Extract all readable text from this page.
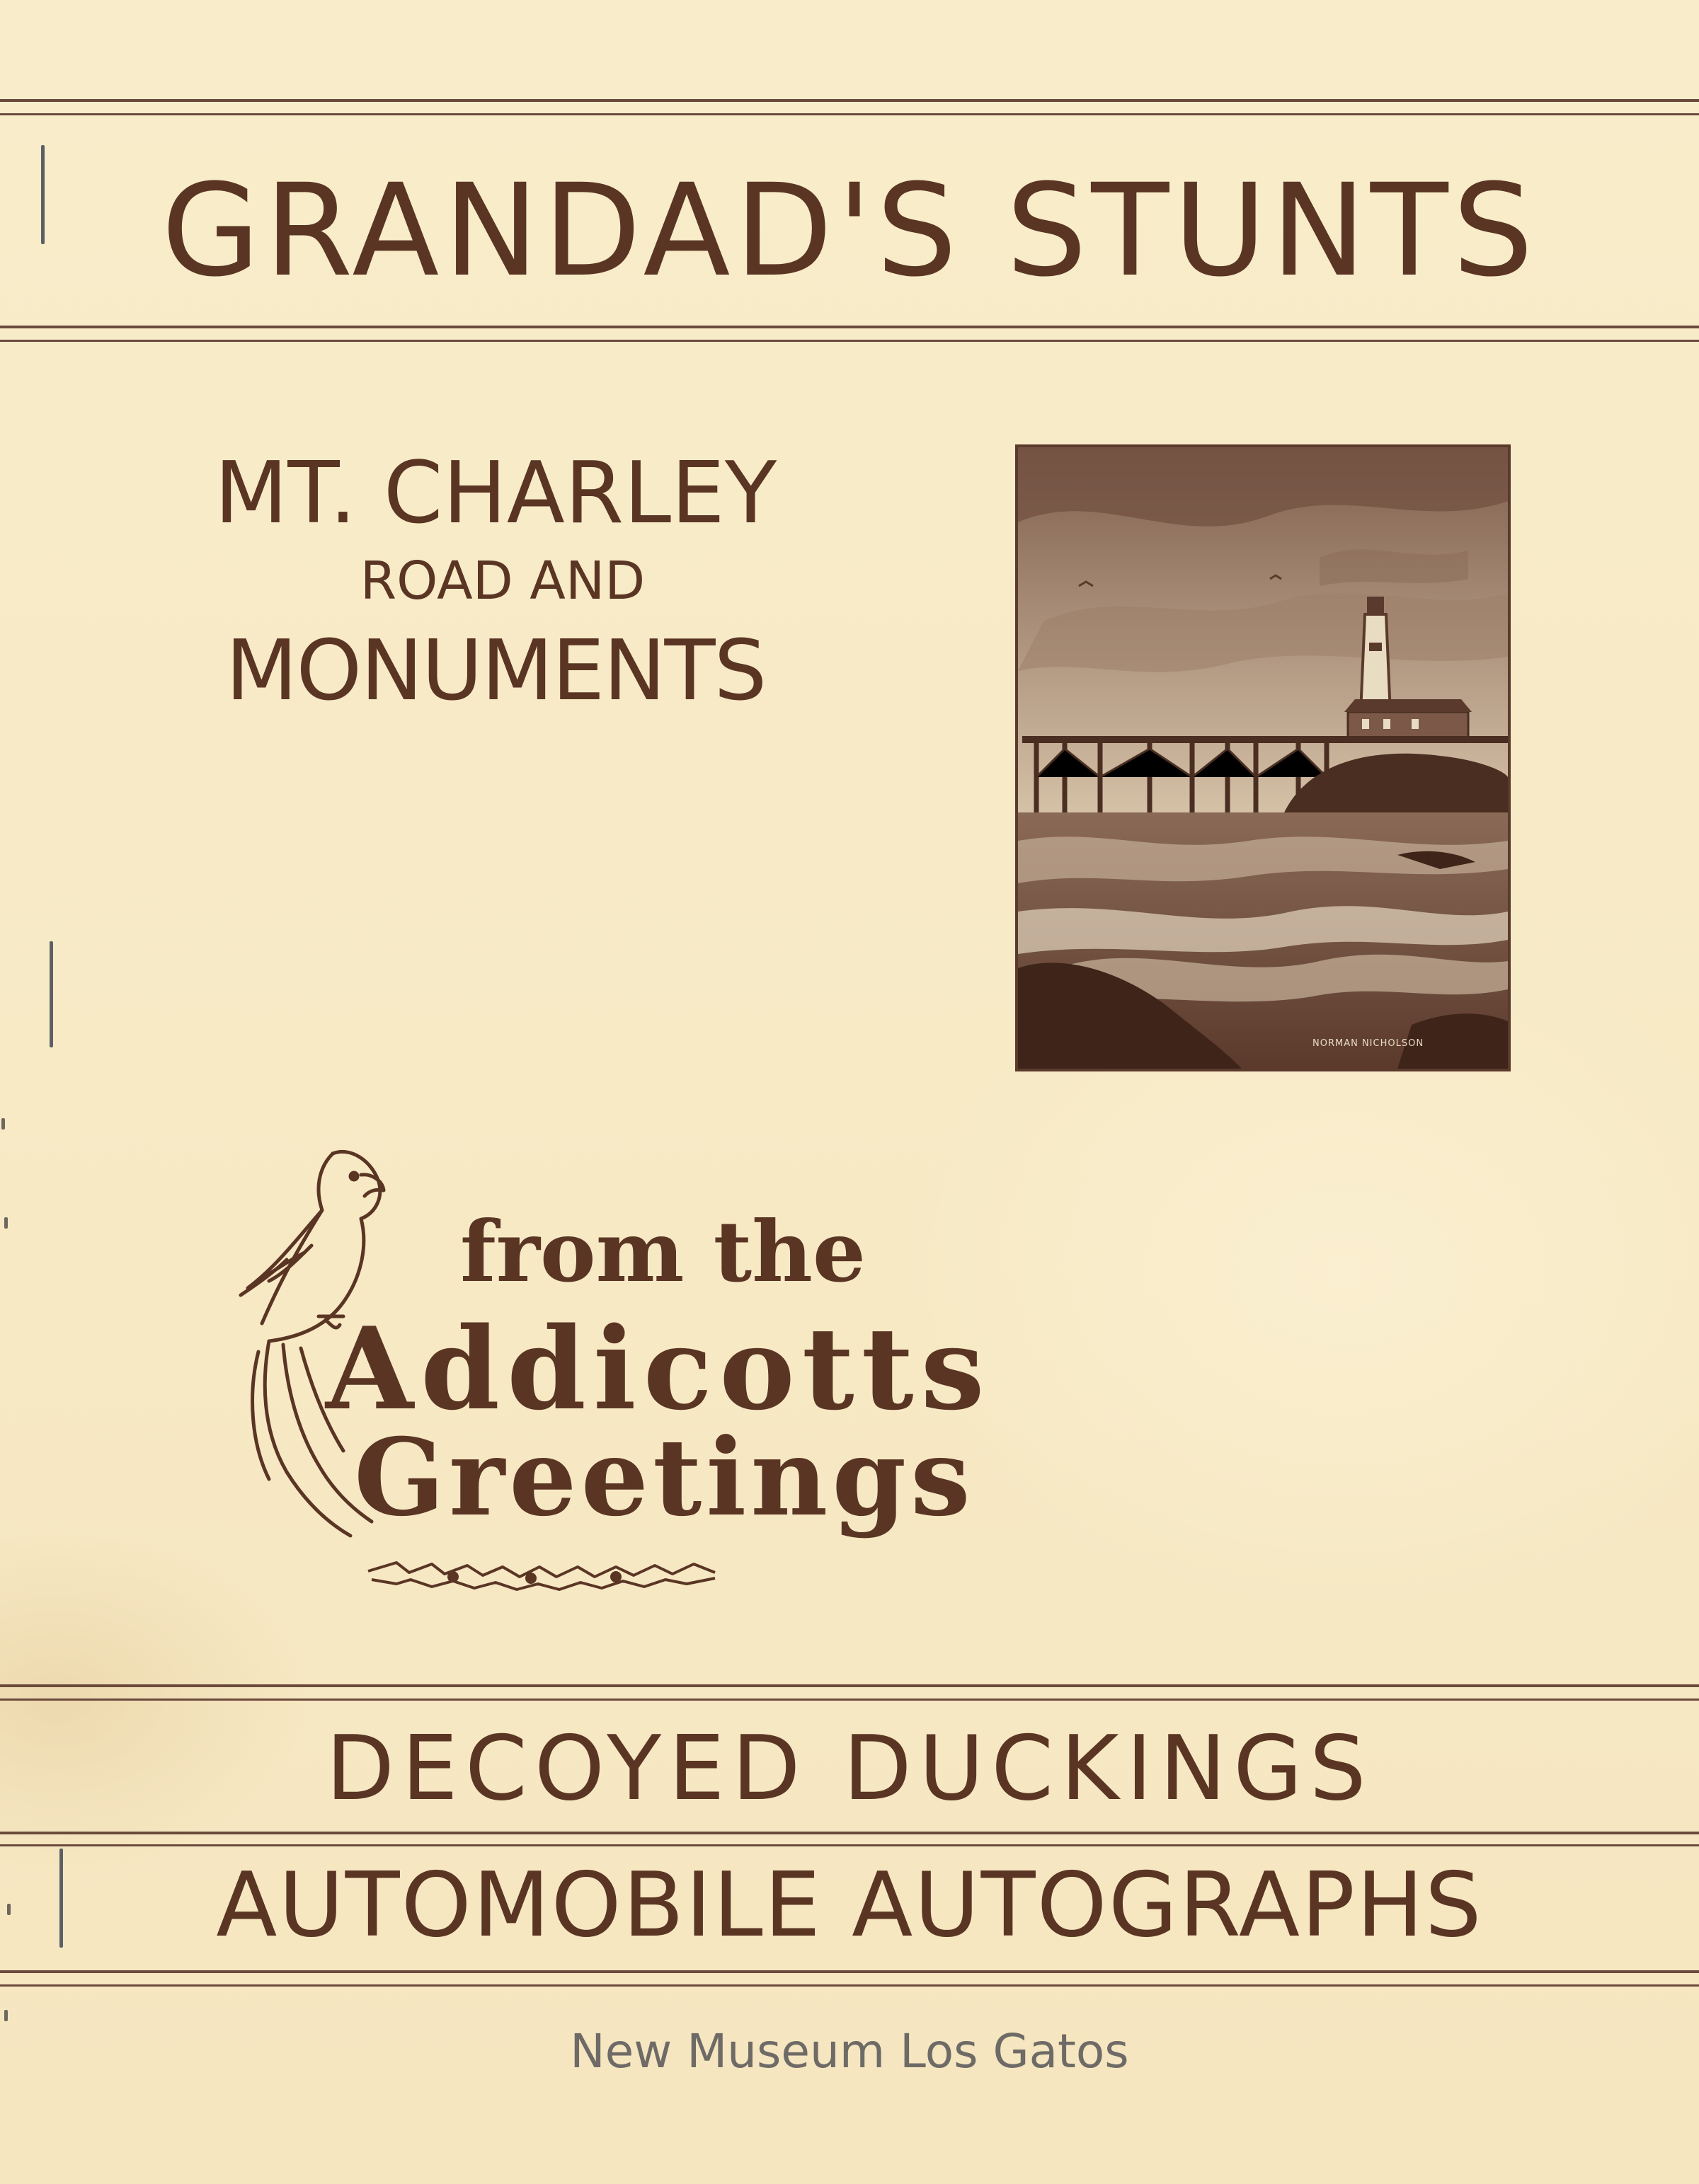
GRANDAD'S STUNTS
MT. CHARLEY
ROAD AND
MONUMENTS
NORMAN NICHOLSON
from the
Addicotts
Greetings
DECOYED DUCKINGS
AUTOMOBILE AUTOGRAPHS
New Museum Los Gatos
